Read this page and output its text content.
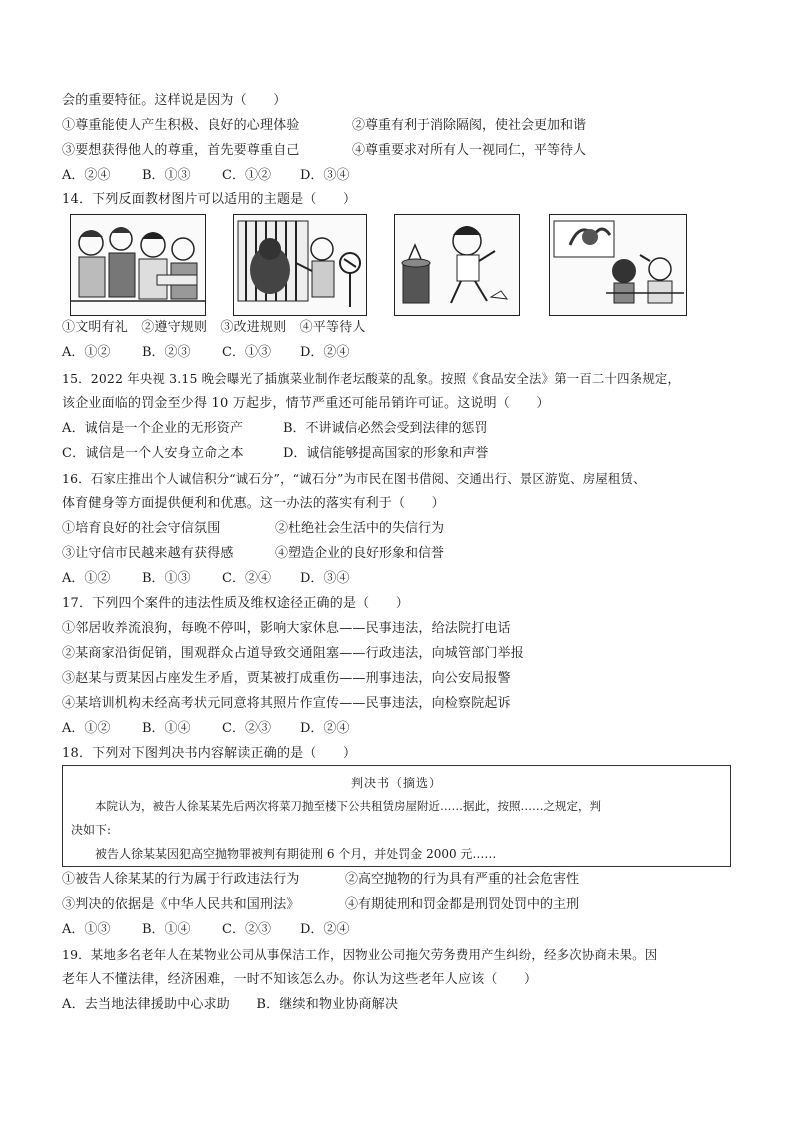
会的重要特征。这样说是因为（　　）
①尊重能使人产生积极、良好的心理体验	②尊重有利于消除隔阂，使社会更加和谐
③要想获得他人的尊重，首先要尊重自己	④尊重要求对所有人一视同仁，平等待人
A．②④ B．①③ C．①② D．③④
14．下列反面教材图片可以适用的主题是（　　）
①文明有礼　②遵守规则　③改进规则　④平等待人
A．①② B．②③ C．①③ D．②④
15．2022 年央视 3.15 晚会曝光了插旗菜业制作老坛酸菜的乱象。按照《食品安全法》第一百二十四条规定，
该企业面临的罚金至少得 10 万起步，情节严重还可能吊销许可证。这说明（　　）
A．诚信是一个企业的无形资产	B．不讲诚信必然会受到法律的惩罚
C．诚信是一个人安身立命之本	D．诚信能够提高国家的形象和声誉
16．石家庄推出个人诚信积分“诚石分”，“诚石分”为市民在图书借阅、交通出行、景区游览、房屋租赁、
体育健身等方面提供便利和优惠。这一办法的落实有利于（　　）
①培育良好的社会守信氛围	②杜绝社会生活中的失信行为
③让守信市民越来越有获得感	④塑造企业的良好形象和信誉
A．①② B．①③ C．②④ D．③④
17．下列四个案件的违法性质及维权途径正确的是（　　）
①邻居收养流浪狗，每晚不停叫，影响大家休息——民事违法，给法院打电话
②某商家沿街促销，围观群众占道导致交通阻塞——行政违法，向城管部门举报
③赵某与贾某因占座发生矛盾，贾某被打成重伤——刑事违法，向公安局报警
④某培训机构未经高考状元同意将其照片作宣传——民事违法，向检察院起诉
A．①② B．①④ C．②③ D．②④
18．下列对下图判决书内容解读正确的是（　　）
判决书（摘选）
本院认为，被告人徐某某先后两次将菜刀抛至楼下公共租赁房屋附近……据此，按照……之规定，判
决如下:
被告人徐某某因犯高空抛物罪被判有期徒刑 6 个月，并处罚金 2000 元……
①被告人徐某某的行为属于行政违法行为	②高空抛物的行为具有严重的社会危害性
③判决的依据是《中华人民共和国刑法》	④有期徒刑和罚金都是刑罚处罚中的主刑
A．①③ B．①④ C．②③ D．②④
19．某地多名老年人在某物业公司从事保洁工作，因物业公司拖欠劳务费用产生纠纷，经多次协商未果。因
老年人不懂法律，经济困难，一时不知该怎么办。你认为这些老年人应该（　　）
A．去当地法律援助中心求助　　B．继续和物业协商解决
